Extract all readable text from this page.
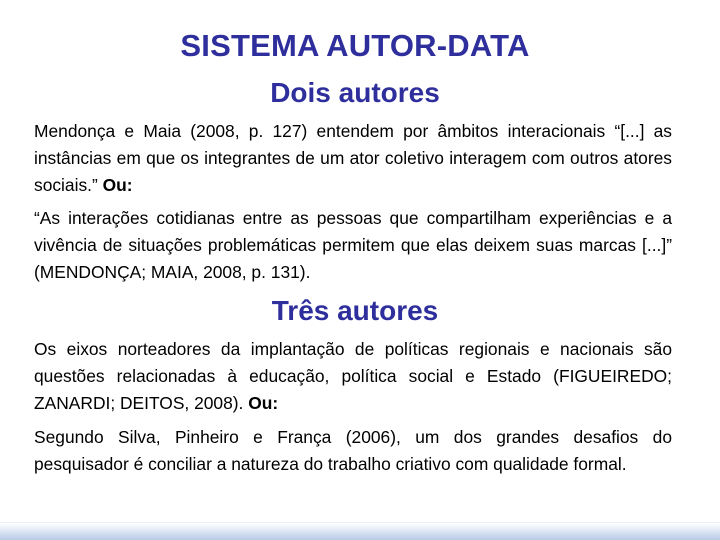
SISTEMA AUTOR-DATA
Dois autores

Mendonça e Maia (2008, p. 127) entendem por âmbitos interacionais “[...] as instâncias em que os integrantes de um ator coletivo interagem com outros atores sociais.” Ou:

“As interações cotidianas entre as pessoas que compartilham experiências e a vivência de situações problemáticas permitem que elas deixem suas marcas [...]” (MENDONÇA; MAIA, 2008, p. 131).

Três autores

Os eixos norteadores da implantação de políticas regionais e nacionais são questões relacionadas à educação, política social e Estado (FIGUEIREDO; ZANARDI; DEITOS, 2008). Ou:

Segundo Silva, Pinheiro e França (2006), um dos grandes desafios do pesquisador é conciliar a natureza do trabalho criativo com qualidade formal.
